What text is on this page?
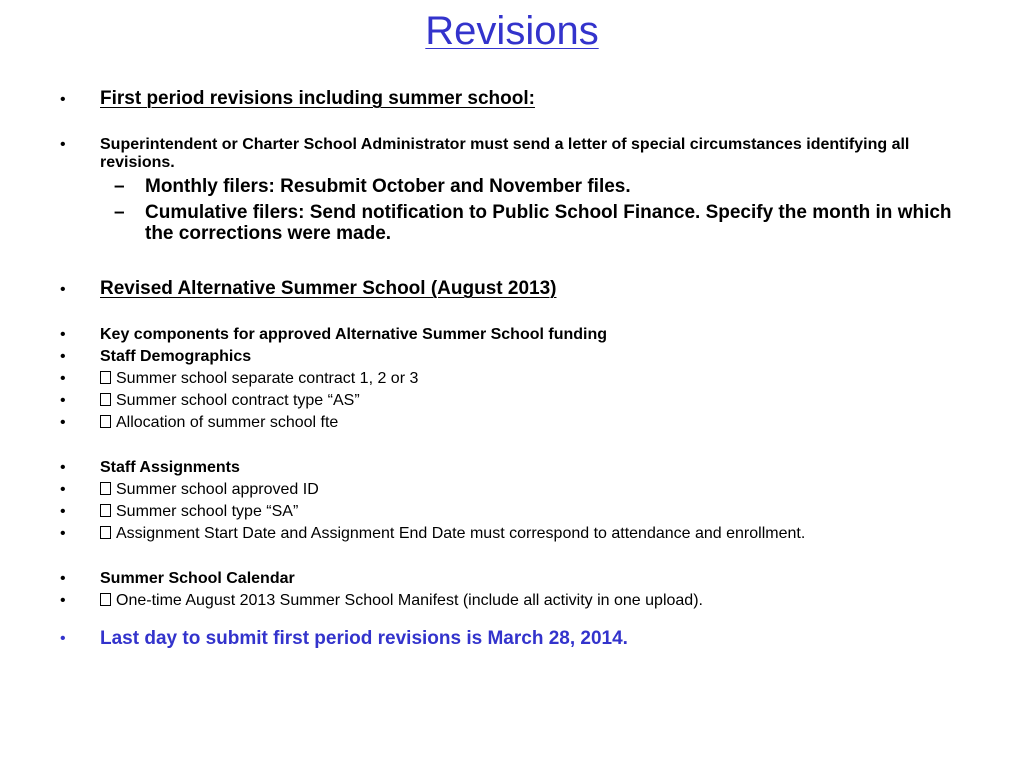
Revisions
• First period revisions including summer school:
• Superintendent or Charter School Administrator must send a letter of special circumstances identifying all revisions.
– Monthly filers: Resubmit October and November files.
– Cumulative filers: Send notification to Public School Finance. Specify the month in which the corrections were made.
• Revised Alternative Summer School (August 2013)
• Key components for approved Alternative Summer School funding
• Staff Demographics
•	Summer school separate contract 1, 2 or 3
•	Summer school contract type “AS”
•	Allocation of summer school fte
• Staff Assignments
•	Summer school approved ID
•	Summer school type “SA”
•	Assignment Start Date and Assignment End Date must correspond to attendance and enrollment.
• Summer School Calendar
•	One-time August 2013 Summer School Manifest (include all activity in one upload).
• Last day to submit first period revisions is March 28, 2014.
